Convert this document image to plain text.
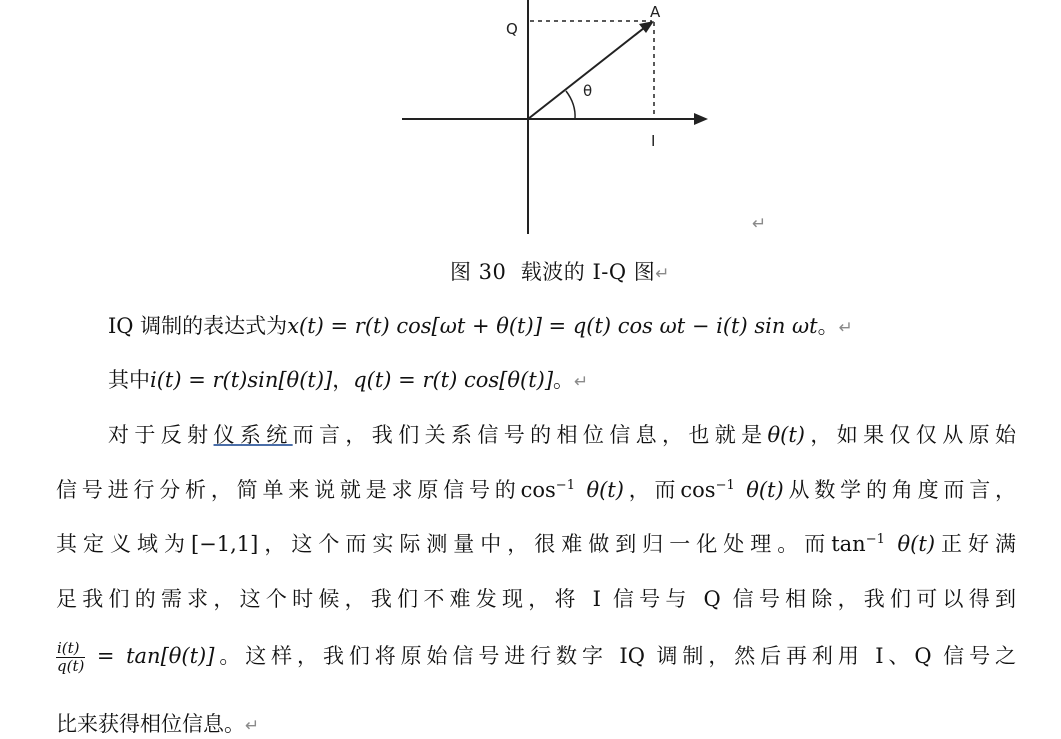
Q
A
θ
I
↵
图 30 载波的 I-Q 图↵
IQ 调制的表达式为x(t) = r(t) cos[ωt + θ(t)] = q(t) cos ωt − i(t) sin ωt。↵
其中i(t) = r(t)sin[θ(t)]，q(t) = r(t) cos[θ(t)]。↵
对于反射仪系统而言，我们关系信号的相位信息，也就是θ(t)，如果仅仅从原始
信号进行分析，简单来说就是求原信号的$\cos^{-1} \theta(t)$，而$\cos^{-1} \theta(t)$从数学的角度而言，
其定义域为[−1,1]，这个而实际测量中，很难做到归一化处理。而$\tan^{-1} \theta(t)$正好满
足我们的需求，这个时候，我们不难发现，将 I 信号与 Q 信号相除，我们可以得到
$\frac{i(t)}{q(t)} = \tan[\theta(t)]$。这样，我们将原始信号进行数字 IQ 调制，然后再利用 I、Q 信号之
比来获得相位信息。↵
